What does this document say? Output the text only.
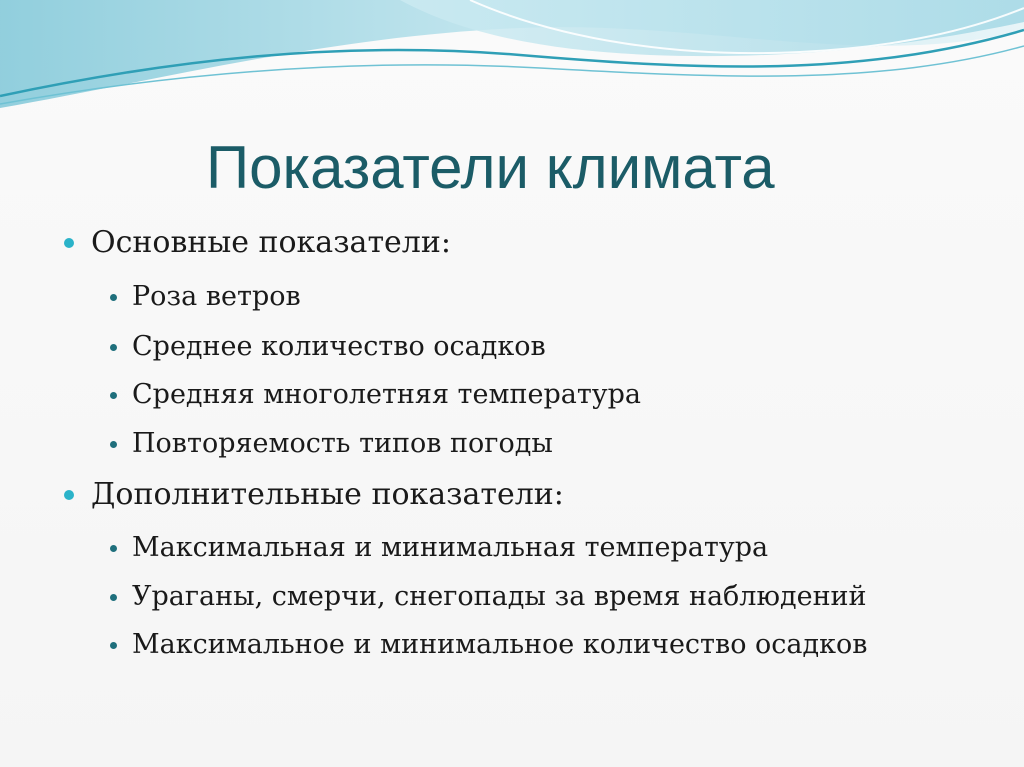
Показатели климата
Основные показатели:
Роза ветров
Среднее количество осадков
Средняя многолетняя температура
Повторяемость типов погоды
Дополнительные показатели:
Максимальная и минимальная температура
Ураганы, смерчи, снегопады за время наблюдений
Максимальное и минимальное количество осадков
